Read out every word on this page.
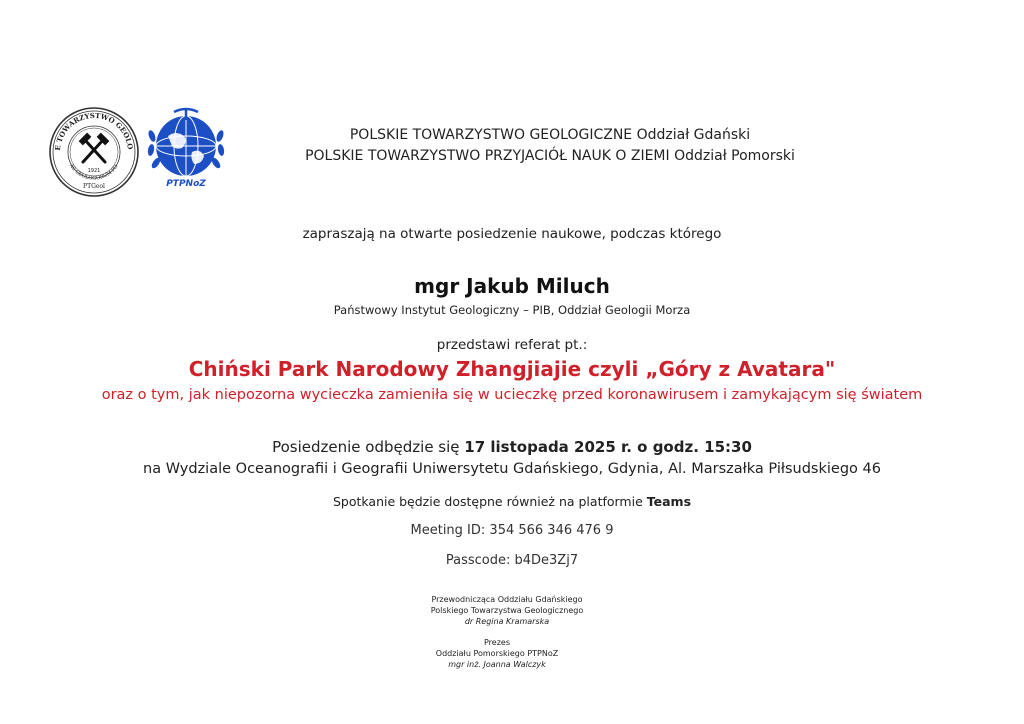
E TOWARZYSTWO GEOLO
AS GEOLOGORUM PO
1921
PTGeol	PTPNoZ
POLSKIE TOWARZYSTWO GEOLOGICZNE Oddział Gdański
POLSKIE TOWARZYSTWO PRZYJACIÓŁ NAUK O ZIEMI Oddział Pomorski
zapraszają na otwarte posiedzenie naukowe, podczas którego
mgr Jakub Miluch
Państwowy Instytut Geologiczny – PIB, Oddział Geologii Morza
przedstawi referat pt.:
Chiński Park Narodowy Zhangjiajie czyli „Góry z Avatara"
oraz o tym, jak niepozorna wycieczka zamieniła się w ucieczkę przed koronawirusem i zamykającym się światem
Posiedzenie odbędzie się 17 listopada 2025 r. o godz. 15:30
na Wydziale Oceanografii i Geografii Uniwersytetu Gdańskiego, Gdynia, Al. Marszałka Piłsudskiego 46
Spotkanie będzie dostępne również na platformie Teams
Meeting ID: 354 566 346 476 9
Passcode: b4De3Zj7
Przewodnicząca Oddziału Gdańskiego
Polskiego Towarzystwa Geologicznego
dr Regina Kramarska
Prezes
Oddziału Pomorskiego PTPNoZ
mgr inż. Joanna Walczyk
